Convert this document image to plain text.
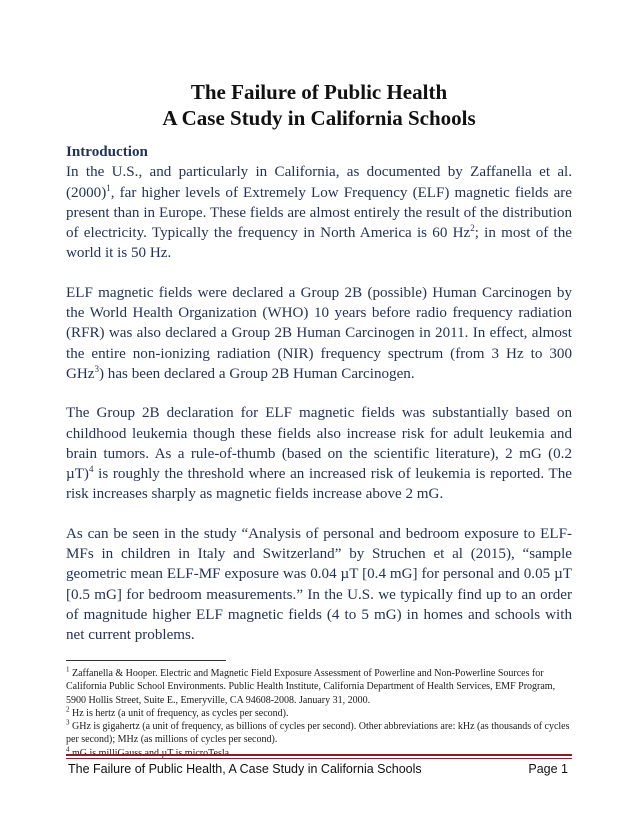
The Failure of Public Health
A Case Study in California Schools

Introduction
In the U.S., and particularly in California, as documented by Zaffanella et al. $(2000)^1$, far higher levels of Extremely Low Frequency (ELF) magnetic fields are present than in Europe. These fields are almost entirely the result of the distribution of electricity. Typically the frequency in North America is 60 Hz$^2$; in most of the world it is 50 Hz.

ELF magnetic fields were declared a Group 2B (possible) Human Carcinogen by the World Health Organization (WHO) 10 years before radio frequency radiation (RFR) was also declared a Group 2B Human Carcinogen in 2011. In effect, almost the entire non-ionizing radiation (NIR) frequency spectrum (from 3 Hz to 300 GHz$^3$) has been declared a Group 2B Human Carcinogen.

The Group 2B declaration for ELF magnetic fields was substantially based on childhood leukemia though these fields also increase risk for adult leukemia and brain tumors. As a rule-of-thumb (based on the scientific literature), 2 mG (0.2 µT)$^4$ is roughly the threshold where an increased risk of leukemia is reported. The risk increases sharply as magnetic fields increase above 2 mG.

As can be seen in the study “Analysis of personal and bedroom exposure to ELF-MFs in children in Italy and Switzerland” by Struchen et al (2015), “sample geometric mean ELF-MF exposure was 0.04 µT [0.4 mG] for personal and 0.05 µT [0.5 mG] for bedroom measurements.” In the U.S. we typically find up to an order of magnitude higher ELF magnetic fields (4 to 5 mG) in homes and schools with net current problems.

$^1$ Zaffanella & Hooper. Electric and Magnetic Field Exposure Assessment of Powerline and Non-Powerline Sources for California Public School Environments. Public Health Institute, California Department of Health Services, EMF Program, 5900 Hollis Street, Suite E., Emeryville, CA 94608-2008. January 31, 2000.
$^2$ Hz is hertz (a unit of frequency, as cycles per second).
$^3$ GHz is gigahertz (a unit of frequency, as billions of cycles per second). Other abbreviations are: kHz (as thousands of cycles per second); MHz (as millions of cycles per second).
$^4$ mG is milliGauss and µT is microTesla
The Failure of Public Health, A Case Study in California Schools	Page 1
